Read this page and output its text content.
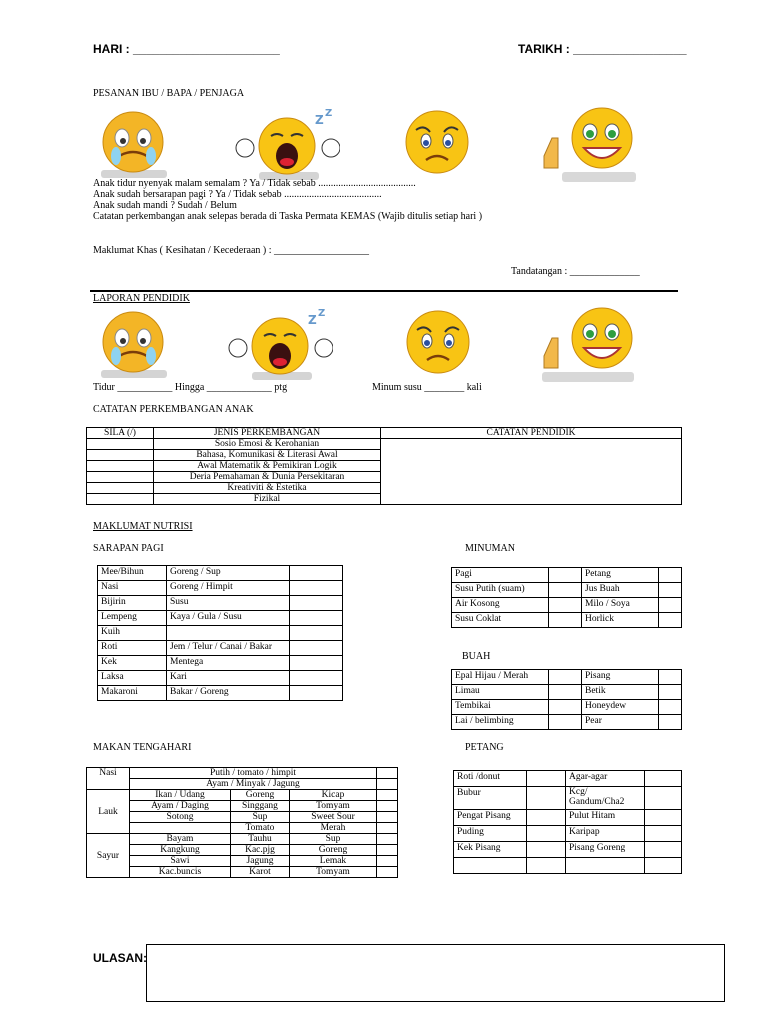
HARI : ______________________	TARIKH : _________________
PESANAN IBU / BAPA / PENJAGA
Z Z
Anak tidur nyenyak malam semalam ? Ya / Tidak sebab .......................................
Anak sudah bersarapan pagi ? Ya / Tidak sebab .......................................
Anak sudah mandi ? Sudah / Belum
Catatan perkembangan anak selepas berada di Taska Permata KEMAS (Wajib ditulis setiap hari )
Maklumat Khas ( Kesihatan / Kecederaan ) : ___________________
Tandatangan : ______________
LAPORAN PENDIDIK
Z Z
Tidur ___________ Hingga _____________ ptg	Minum susu ________ kali
CATATAN PERKEMBANGAN ANAK
SILA (/)	JENIS PERKEMBANGAN	CATATAN PENDIDIK
	Sosio Emosi & Kerohanian	
	Bahasa, Komunikasi & Literasi Awal	
	Awal Matematik & Pemikiran Logik	
	Deria Pemahaman & Dunia Persekitaran	
	Kreativiti & Estetika	
	Fizikal	
MAKLUMAT NUTRISI
SARAPAN PAGI	MINUMAN
Mee/Bihun	Goreng / Sup	
Nasi	Goreng / Himpit	
Bijirin	Susu	
Lempeng	Kaya / Gula / Susu	
Kuih		
Roti	Jem / Telur / Canai / Bakar	
Kek	Mentega	
Laksa	Kari	
Makaroni	Bakar / Goreng	
Pagi		Petang	
Susu Putih (suam)		Jus Buah	
Air Kosong		Milo / Soya	
Susu Coklat		Horlick	
BUAH
Epal Hijau / Merah		Pisang	
Limau		Betik	
Tembikai		Honeydew	
Lai / belimbing		Pear	
MAKAN TENGAHARI	PETANG
Nasi	Putih / tomato / himpit			
	Ayam / Minyak / Jagung			
Lauk	Ikan / Udang	Goreng	Kicap	
	Ayam / Daging	Singgang	Tomyam	
	Sotong	Sup	Sweet Sour	
		Tomato	Merah	
Sayur	Bayam	Tauhu	Sup	
	Kangkung	Kac.pjg	Goreng	
	Sawi	Jagung	Lemak	
	Kac.buncis	Karot	Tomyam	
Roti /donut		Agar-agar	
Bubur		Kcg/ Gandum/Cha2	
Pengat Pisang		Pulut Hitam	
Puding		Karipap	
Kek Pisang		Pisang Goreng	

ULASAN:
